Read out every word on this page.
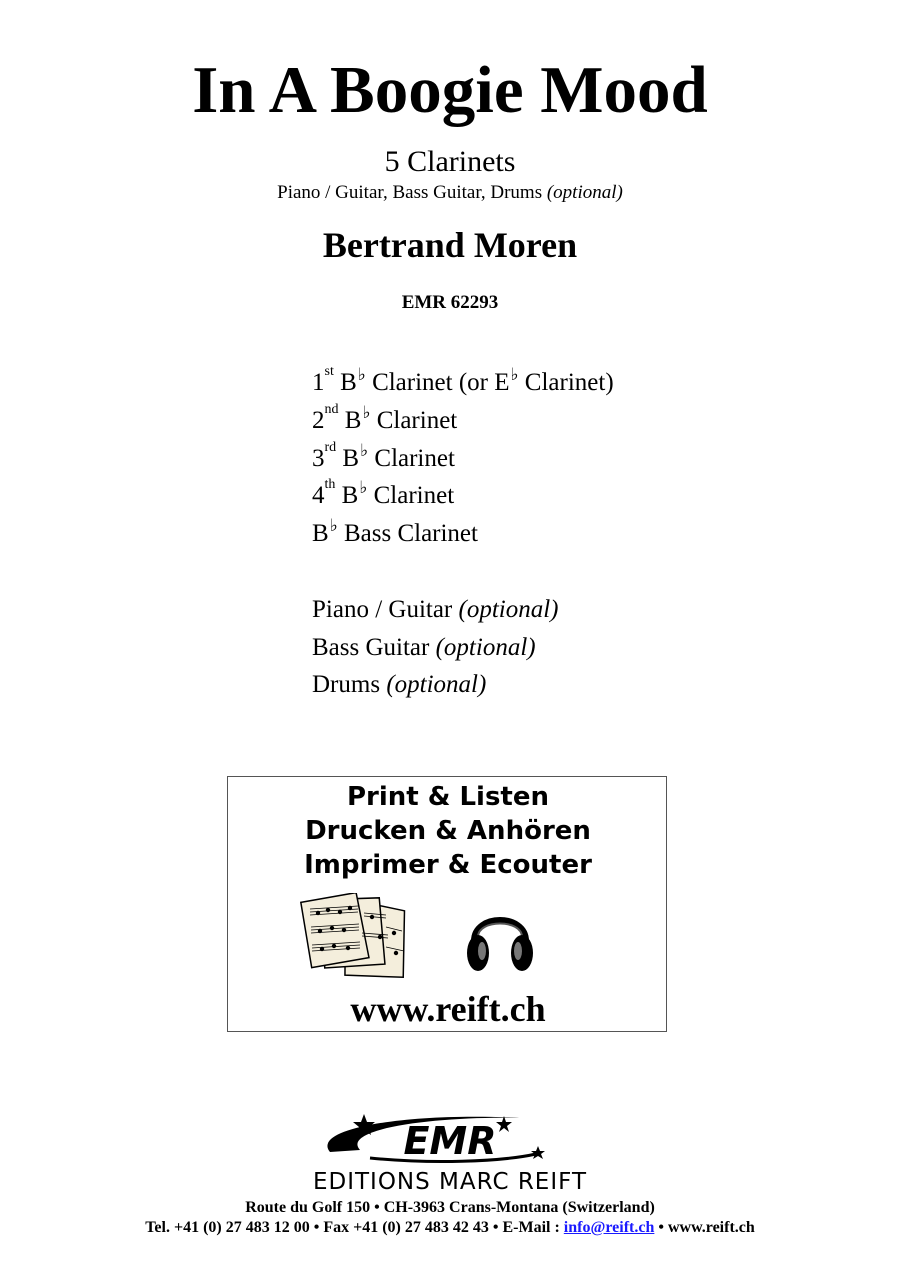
In A Boogie Mood
5 Clarinets
Piano / Guitar, Bass Guitar, Drums (optional)
Bertrand Moren
EMR 62293
1st B♭ Clarinet (or E♭ Clarinet)
2nd B♭ Clarinet
3rd B♭ Clarinet
4th B♭ Clarinet
B♭ Bass Clarinet
Piano / Guitar (optional)
Bass Guitar (optional)
Drums (optional)
Print & Listen
Drucken & Anhören
Imprimer & Ecouter
www.reift.ch
EMR
EDITIONS MARC REIFT
Route du Golf 150 • CH-3963 Crans-Montana (Switzerland)
Tel. +41 (0) 27 483 12 00 • Fax +41 (0) 27 483 42 43 • E-Mail : info@reift.ch • www.reift.ch
